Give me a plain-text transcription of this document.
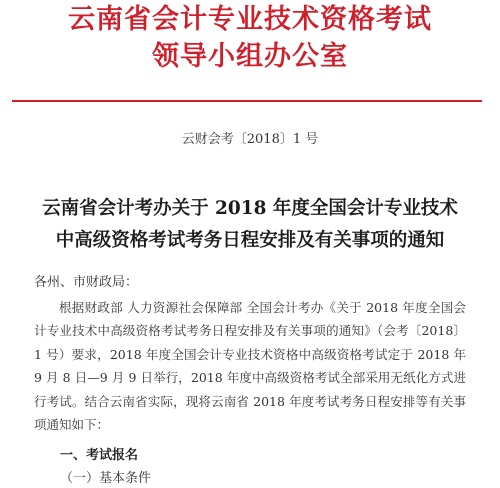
云南省会计专业技术资格考试
领导小组办公室
云财会考〔2018〕1 号
云南省会计考办关于 2018 年度全国会计专业技术
中高级资格考试考务日程安排及有关事项的通知
各州、市财政局：
根据财政部 人力资源社会保障部 全国会计考办《关于 2018 年度全国会计专业技术中高级资格考试考务日程安排及有关事项的通知》（会考〔2018〕1 号）要求，2018 年度全国会计专业技术资格中高级资格考试定于 2018 年 9 月 8 日—9 月 9 日举行，2018 年度中高级资格考试全部采用无纸化方式进行考试。结合云南省实际，现将云南省 2018 年度考试考务日程安排等有关事项通知如下：
一、考试报名
（一）基本条件
